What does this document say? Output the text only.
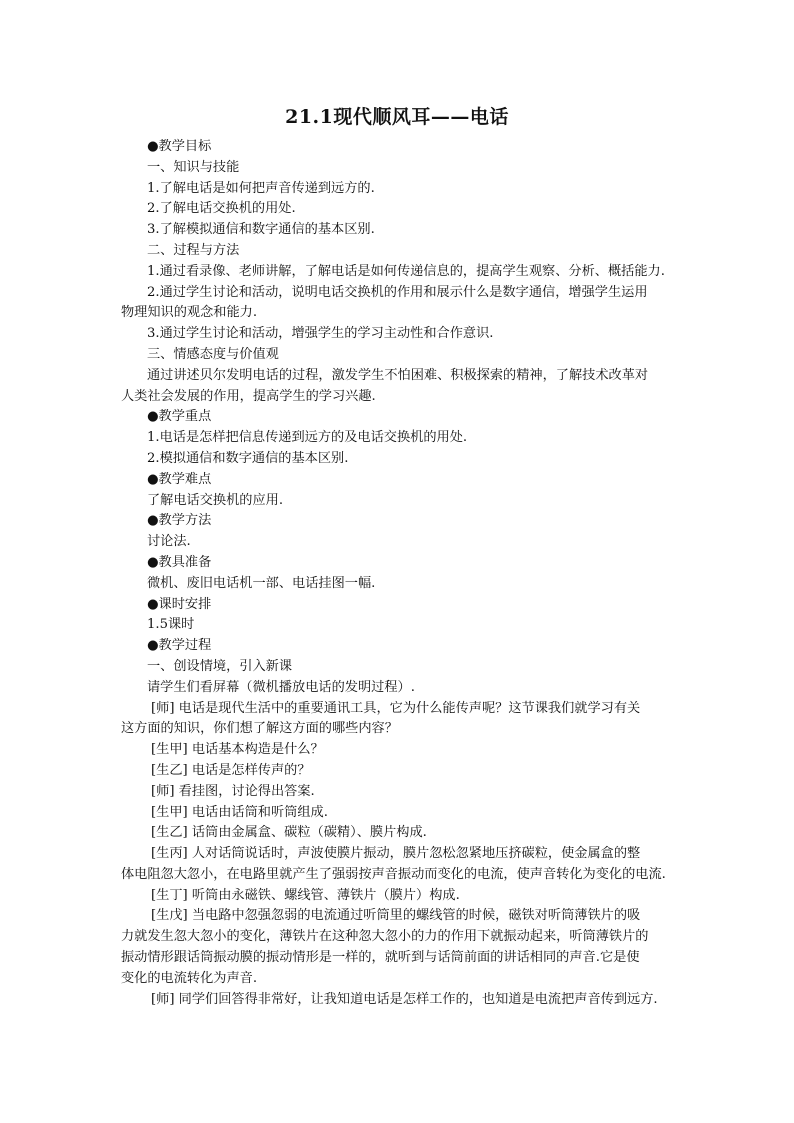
21.1现代顺风耳——电话
●教学目标
一、知识与技能
1.了解电话是如何把声音传递到远方的.
2.了解电话交换机的用处.
3.了解模拟通信和数字通信的基本区别.
二、过程与方法
1.通过看录像、老师讲解，了解电话是如何传递信息的，提高学生观察、分析、概括能力.
2.通过学生讨论和活动，说明电话交换机的作用和展示什么是数字通信，增强学生运用
物理知识的观念和能力.
3.通过学生讨论和活动，增强学生的学习主动性和合作意识.
三、情感态度与价值观
通过讲述贝尔发明电话的过程，激发学生不怕困难、积极探索的精神，了解技术改革对
人类社会发展的作用，提高学生的学习兴趣.
●教学重点
1.电话是怎样把信息传递到远方的及电话交换机的用处.
2.模拟通信和数字通信的基本区别.
●教学难点
了解电话交换机的应用.
●教学方法
讨论法.
●教具准备
微机、废旧电话机一部、电话挂图一幅.
●课时安排
1.5课时
●教学过程
一、创设情境，引入新课
请学生们看屏幕（微机播放电话的发明过程）.
[师] 电话是现代生活中的重要通讯工具，它为什么能传声呢？这节课我们就学习有关
这方面的知识，你们想了解这方面的哪些内容？
[生甲] 电话基本构造是什么？
[生乙] 电话是怎样传声的？
[师] 看挂图，讨论得出答案.
[生甲] 电话由话筒和听筒组成.
[生乙] 话筒由金属盒、碳粒（碳精）、膜片构成.
[生丙] 人对话筒说话时，声波使膜片振动，膜片忽松忽紧地压挤碳粒，使金属盒的整
体电阻忽大忽小，在电路里就产生了强弱按声音振动而变化的电流，使声音转化为变化的电流.
[生丁] 听筒由永磁铁、螺线管、薄铁片（膜片）构成.
[生戊] 当电路中忽强忽弱的电流通过听筒里的螺线管的时候，磁铁对听筒薄铁片的吸
力就发生忽大忽小的变化，薄铁片在这种忽大忽小的力的作用下就振动起来，听筒薄铁片的
振动情形跟话筒振动膜的振动情形是一样的，就听到与话筒前面的讲话相同的声音.它是使
变化的电流转化为声音.
[师] 同学们回答得非常好，让我知道电话是怎样工作的，也知道是电流把声音传到远方.
